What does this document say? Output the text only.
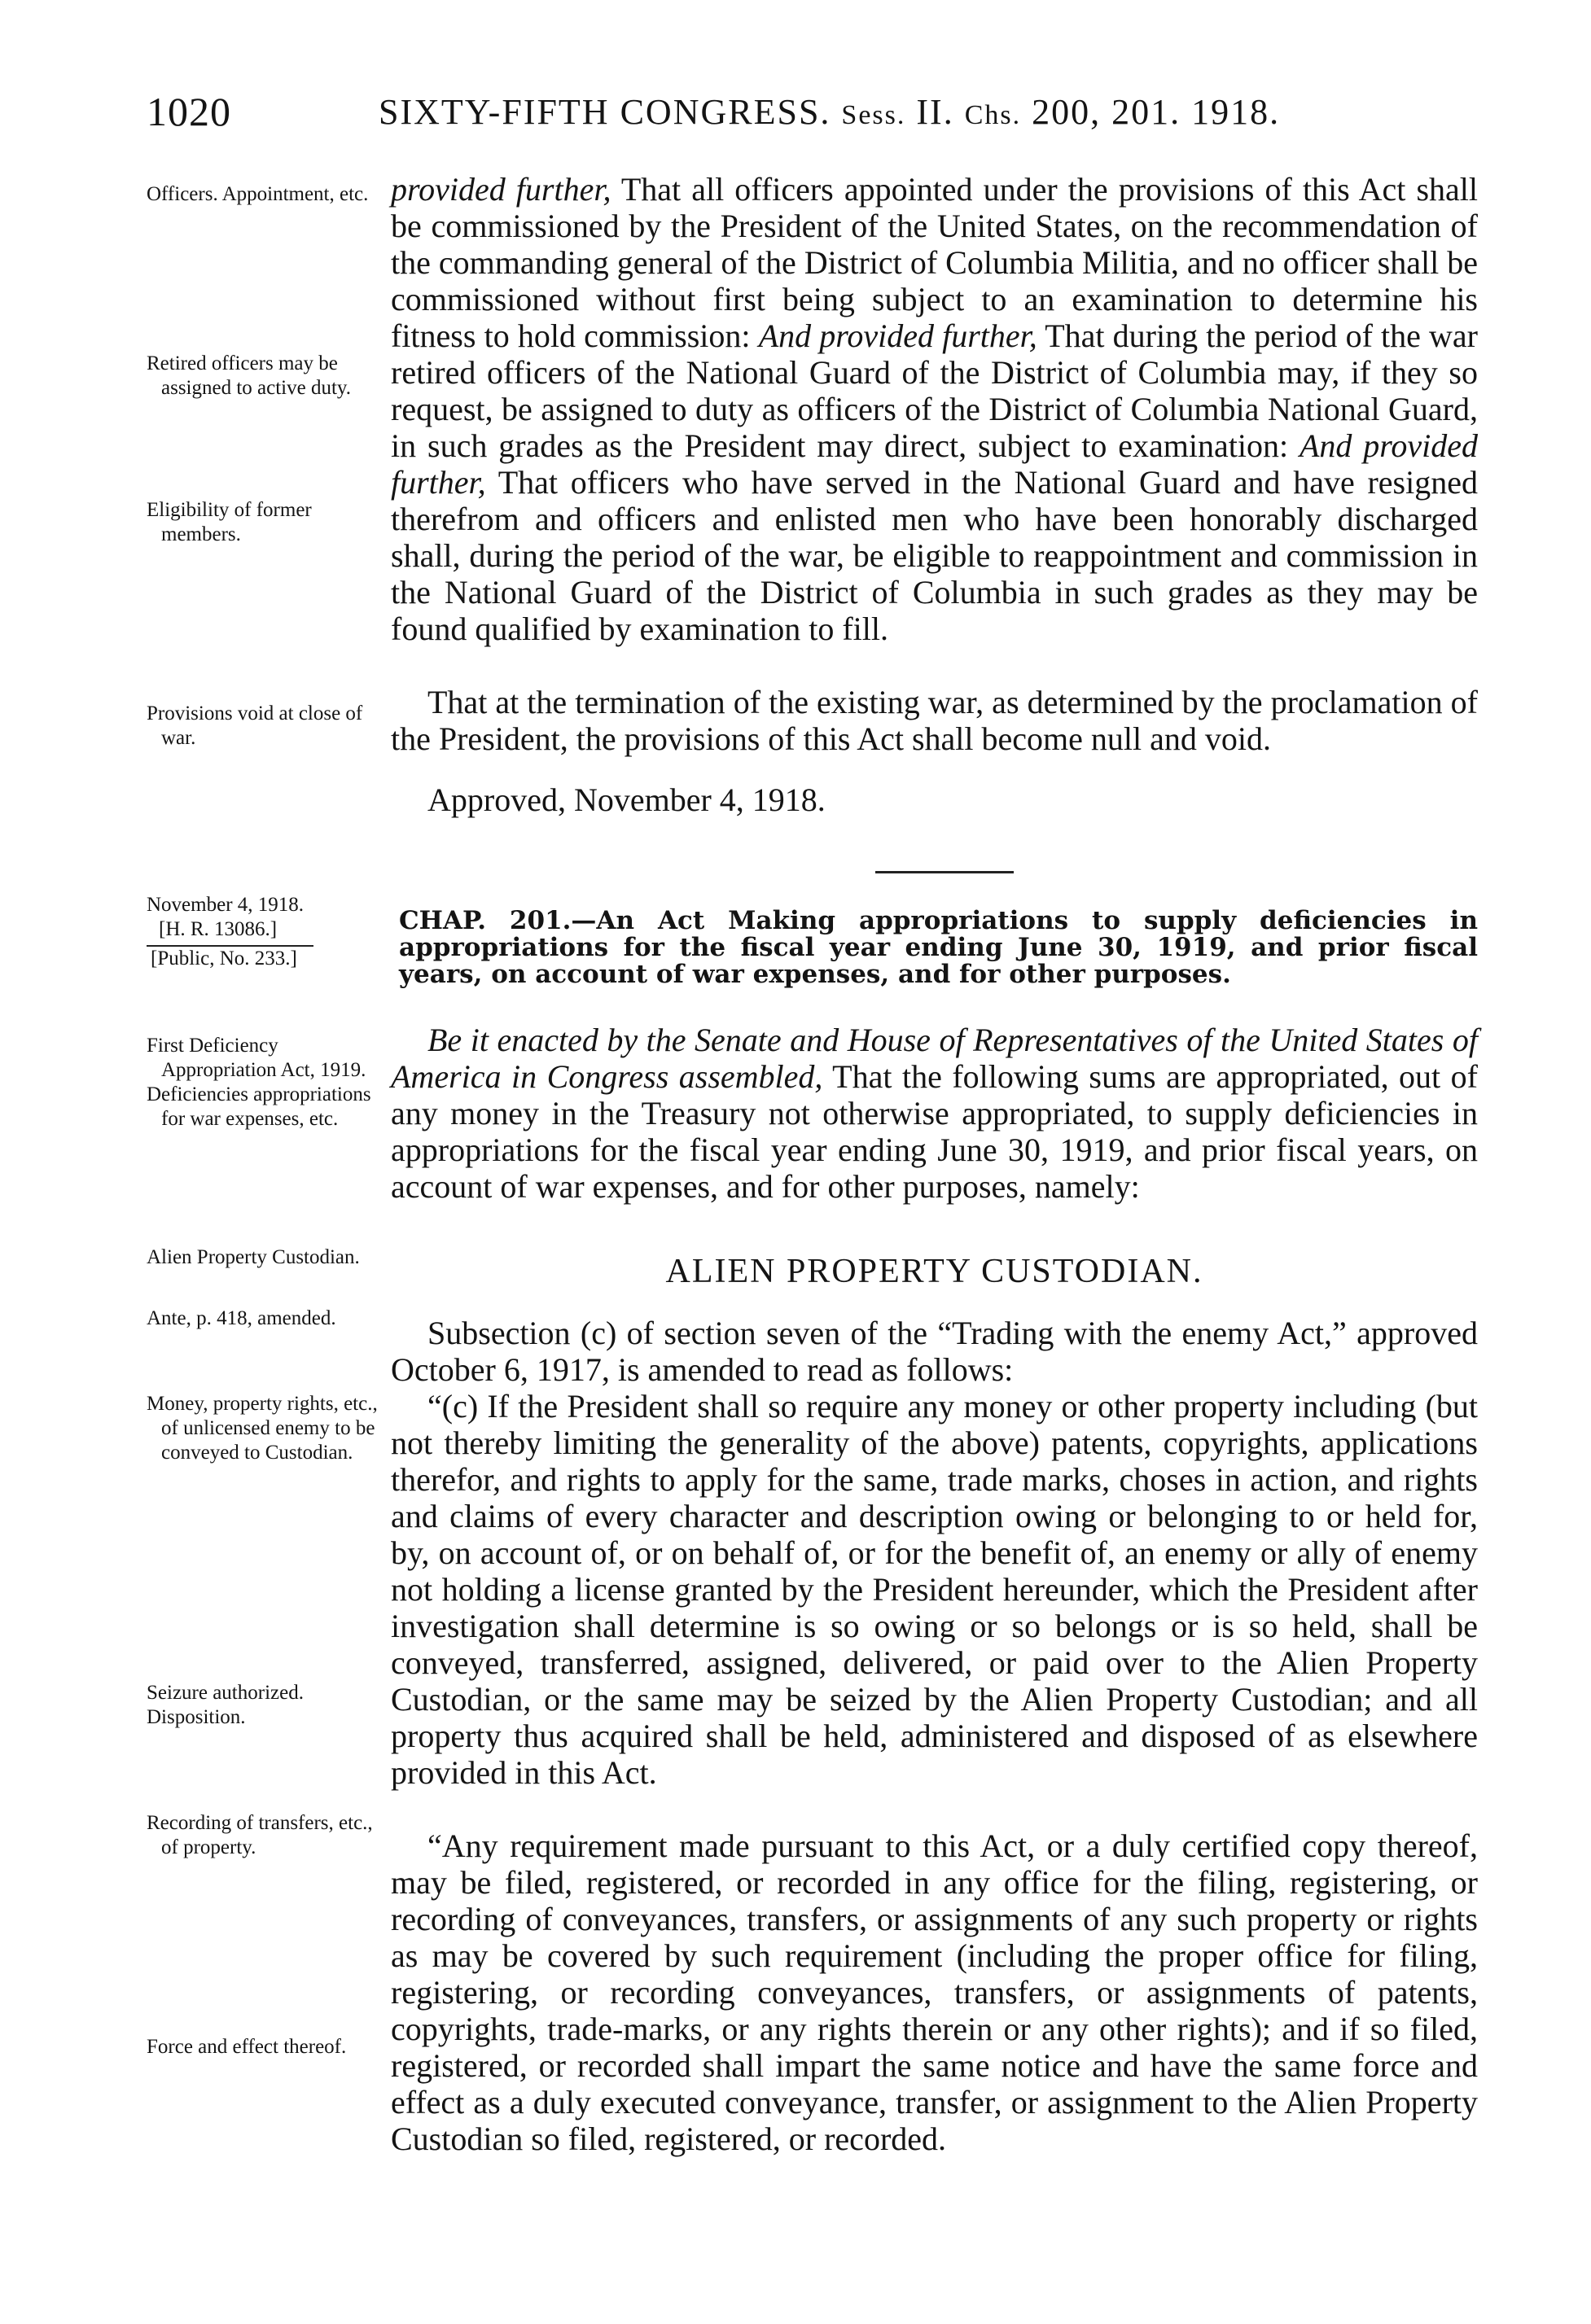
1020	SIXTY-FIFTH CONGRESS. Sess. II. Chs. 200, 201. 1918.
Officers. Appointment, etc.
Retired officers may be assigned to active duty.
Eligibility of former members.
Provisions void at close of war.
First Deficiency Appropriation Act, 1919.
Deficiencies appropriations for war expenses, etc.
Alien Property Custodian.
Ante, p. 418, amended.
Money, property rights, etc., of unlicensed enemy to be conveyed to Custodian.
Seizure authorized.
Disposition.
Recording of transfers, etc., of property.
Force and effect thereof.

provided further, That all officers appointed under the provisions of this Act shall be commissioned by the President of the United States, on the recommendation of the commanding general of the District of Columbia Militia, and no officer shall be commissioned without first being subject to an examination to determine his fitness to hold commission: And provided further, That during the period of the war retired officers of the National Guard of the District of Columbia may, if they so request, be assigned to duty as officers of the District of Columbia National Guard, in such grades as the President may direct, subject to examination: And provided further, That officers who have served in the National Guard and have resigned therefrom and officers and enlisted men who have been honorably discharged shall, during the period of the war, be eligible to reappointment and commission in the National Guard of the District of Columbia in such grades as they may be found qualified by examination to fill.

That at the termination of the existing war, as determined by the proclamation of the President, the provisions of this Act shall become null and void.

Approved, November 4, 1918.
November 4, 1918.
[H. R. 13086.]
[Public, No. 233.]
CHAP. 201.—An Act Making appropriations to supply deficiencies in appropriations for the fiscal year ending June 30, 1919, and prior fiscal years, on account of war expenses, and for other purposes.

Be it enacted by the Senate and House of Representatives of the United States of America in Congress assembled, That the following sums are appropriated, out of any money in the Treasury not otherwise appropriated, to supply deficiencies in appropriations for the fiscal year ending June 30, 1919, and prior fiscal years, on account of war expenses, and for other purposes, namely:

ALIEN PROPERTY CUSTODIAN.

Subsection (c) of section seven of the “Trading with the enemy Act,” approved October 6, 1917, is amended to read as follows:

“(c) If the President shall so require any money or other property including (but not thereby limiting the generality of the above) patents, copyrights, applications therefor, and rights to apply for the same, trade marks, choses in action, and rights and claims of every character and description owing or belonging to or held for, by, on account of, or on behalf of, or for the benefit of, an enemy or ally of enemy not holding a license granted by the President hereunder, which the President after investigation shall determine is so owing or so belongs or is so held, shall be conveyed, transferred, assigned, delivered, or paid over to the Alien Property Custodian, or the same may be seized by the Alien Property Custodian; and all property thus acquired shall be held, administered and disposed of as elsewhere provided in this Act.

“Any requirement made pursuant to this Act, or a duly certified copy thereof, may be filed, registered, or recorded in any office for the filing, registering, or recording of conveyances, transfers, or assignments of any such property or rights as may be covered by such requirement (including the proper office for filing, registering, or recording conveyances, transfers, or assignments of patents, copyrights, trade-marks, or any rights therein or any other rights); and if so filed, registered, or recorded shall impart the same notice and have the same force and effect as a duly executed conveyance, transfer, or assignment to the Alien Property Custodian so filed, registered, or recorded.
